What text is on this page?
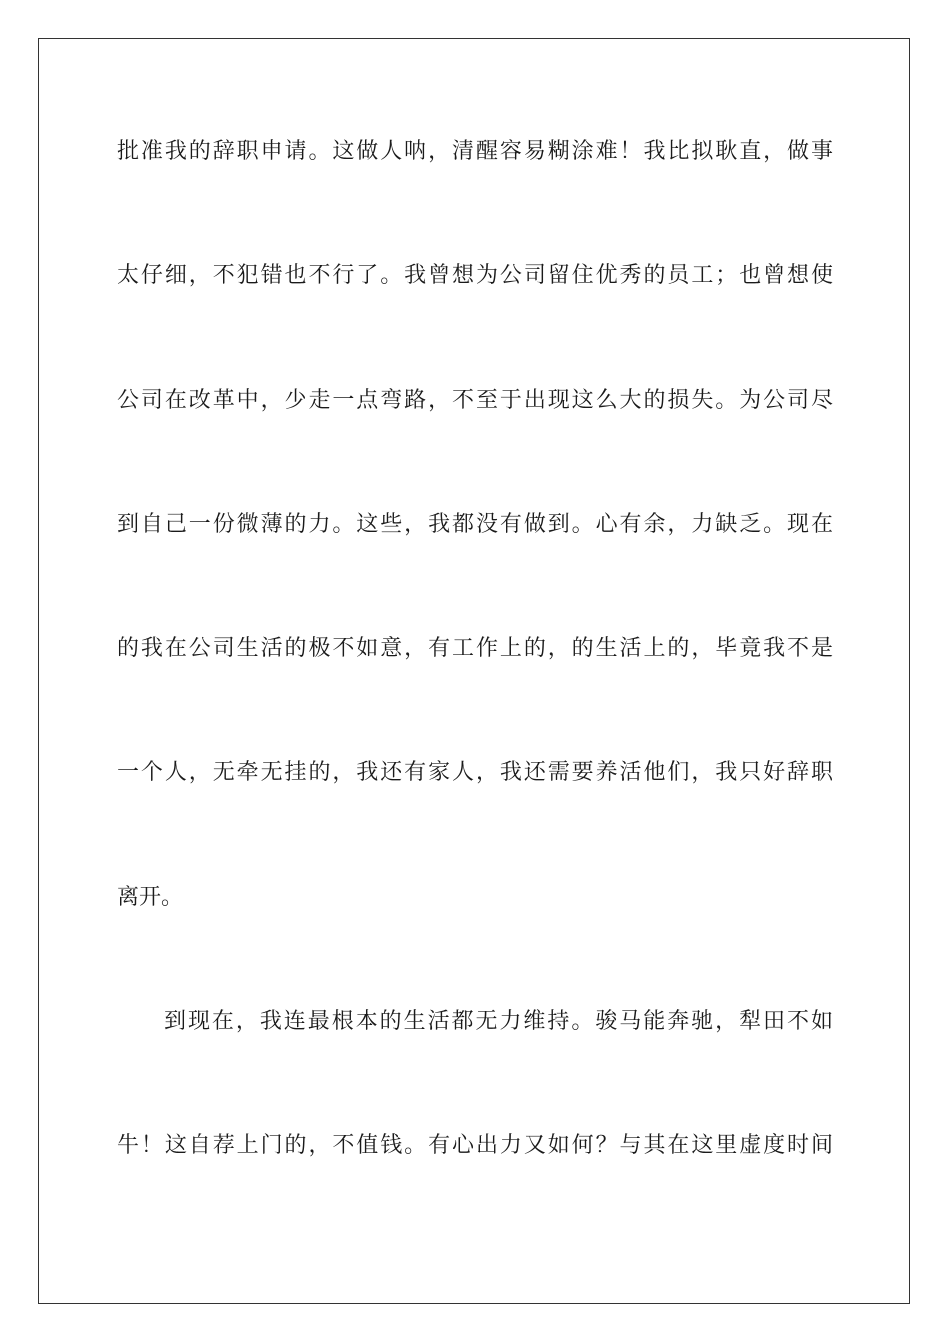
批准我的辞职申请。这做人呐，清醒容易糊涂难！我比拟耿直，做事
太仔细，不犯错也不行了。我曾想为公司留住优秀的员工；也曾想使
公司在改革中，少走一点弯路，不至于出现这么大的损失。为公司尽
到自己一份微薄的力。这些，我都没有做到。心有余，力缺乏。现在
的我在公司生活的极不如意，有工作上的，的生活上的，毕竟我不是
一个人，无牵无挂的，我还有家人，我还需要养活他们，我只好辞职
离开。
到现在，我连最根本的生活都无力维持。骏马能奔驰，犁田不如
牛！这自荐上门的，不值钱。有心出力又如何？与其在这里虚度时间
